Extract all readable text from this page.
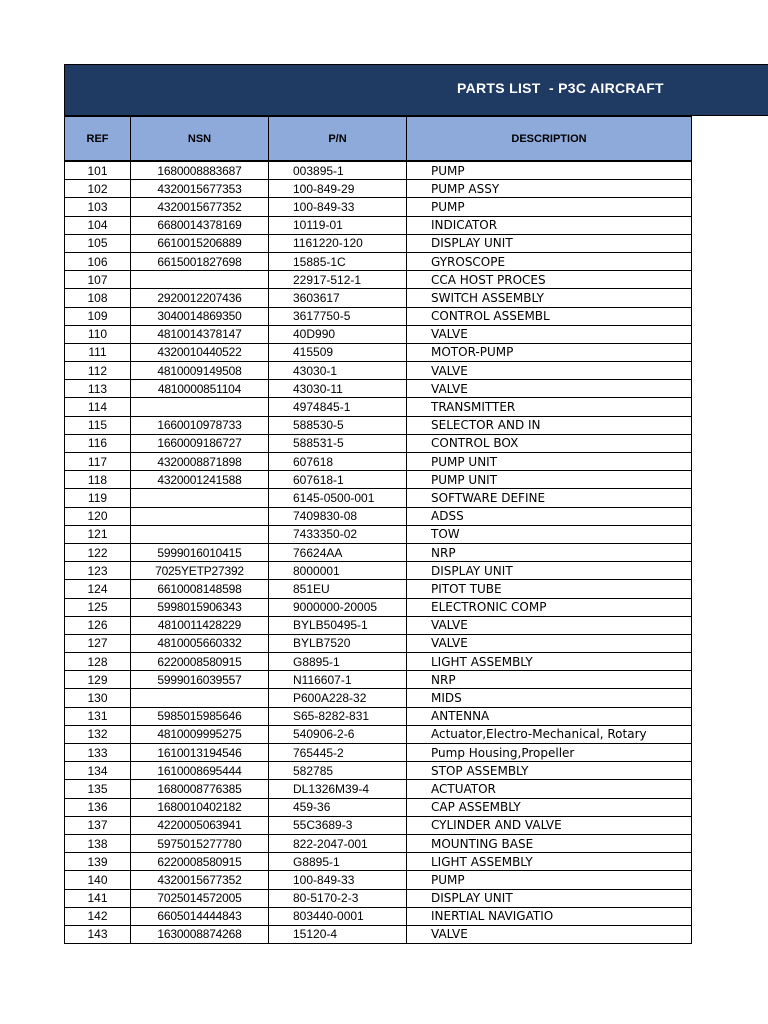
PARTS LIST  - P3C AIRCRAFT
REF	NSN	P/N	DESCRIPTION
101	1680008883687	003895-1	PUMP
102	4320015677353	100-849-29	PUMP ASSY
103	4320015677352	100-849-33	PUMP
104	6680014378169	10119-01	INDICATOR
105	6610015206889	1161220-120	DISPLAY UNIT
106	6615001827698	15885-1C	GYROSCOPE
107		22917-512-1	CCA HOST PROCES
108	2920012207436	3603617	SWITCH ASSEMBLY
109	3040014869350	3617750-5	CONTROL ASSEMBL
110	4810014378147	40D990	VALVE
111	4320010440522	415509	MOTOR-PUMP
112	4810009149508	43030-1	VALVE
113	4810000851104	43030-11	VALVE
114		4974845-1	TRANSMITTER
115	1660010978733	588530-5	SELECTOR AND IN
116	1660009186727	588531-5	CONTROL BOX
117	4320008871898	607618	PUMP UNIT
118	4320001241588	607618-1	PUMP UNIT
119		6145-0500-001	SOFTWARE DEFINE
120		7409830-08	ADSS
121		7433350-02	TOW
122	5999016010415	76624AA	NRP
123	7025YETP27392	8000001	DISPLAY UNIT
124	6610008148598	851EU	PITOT TUBE
125	5998015906343	9000000-20005	ELECTRONIC COMP
126	4810011428229	BYLB50495-1	VALVE
127	4810005660332	BYLB7520	VALVE
128	6220008580915	G8895-1	LIGHT ASSEMBLY
129	5999016039557	N116607-1	NRP
130		P600A228-32	MIDS
131	5985015985646	S65-8282-831	ANTENNA
132	4810009995275	540906-2-6	Actuator,Electro-Mechanical, Rotary
133	1610013194546	765445-2	Pump Housing,Propeller
134	1610008695444	582785	STOP ASSEMBLY
135	1680008776385	DL1326M39-4	ACTUATOR
136	1680010402182	459-36	CAP ASSEMBLY
137	4220005063941	55C3689-3	CYLINDER AND VALVE
138	5975015277780	822-2047-001	MOUNTING BASE
139	6220008580915	G8895-1	LIGHT ASSEMBLY
140	4320015677352	100-849-33	PUMP
141	7025014572005	80-5170-2-3	DISPLAY UNIT
142	6605014444843	803440-0001	INERTIAL NAVIGATIO
143	1630008874268	15120-4	VALVE
